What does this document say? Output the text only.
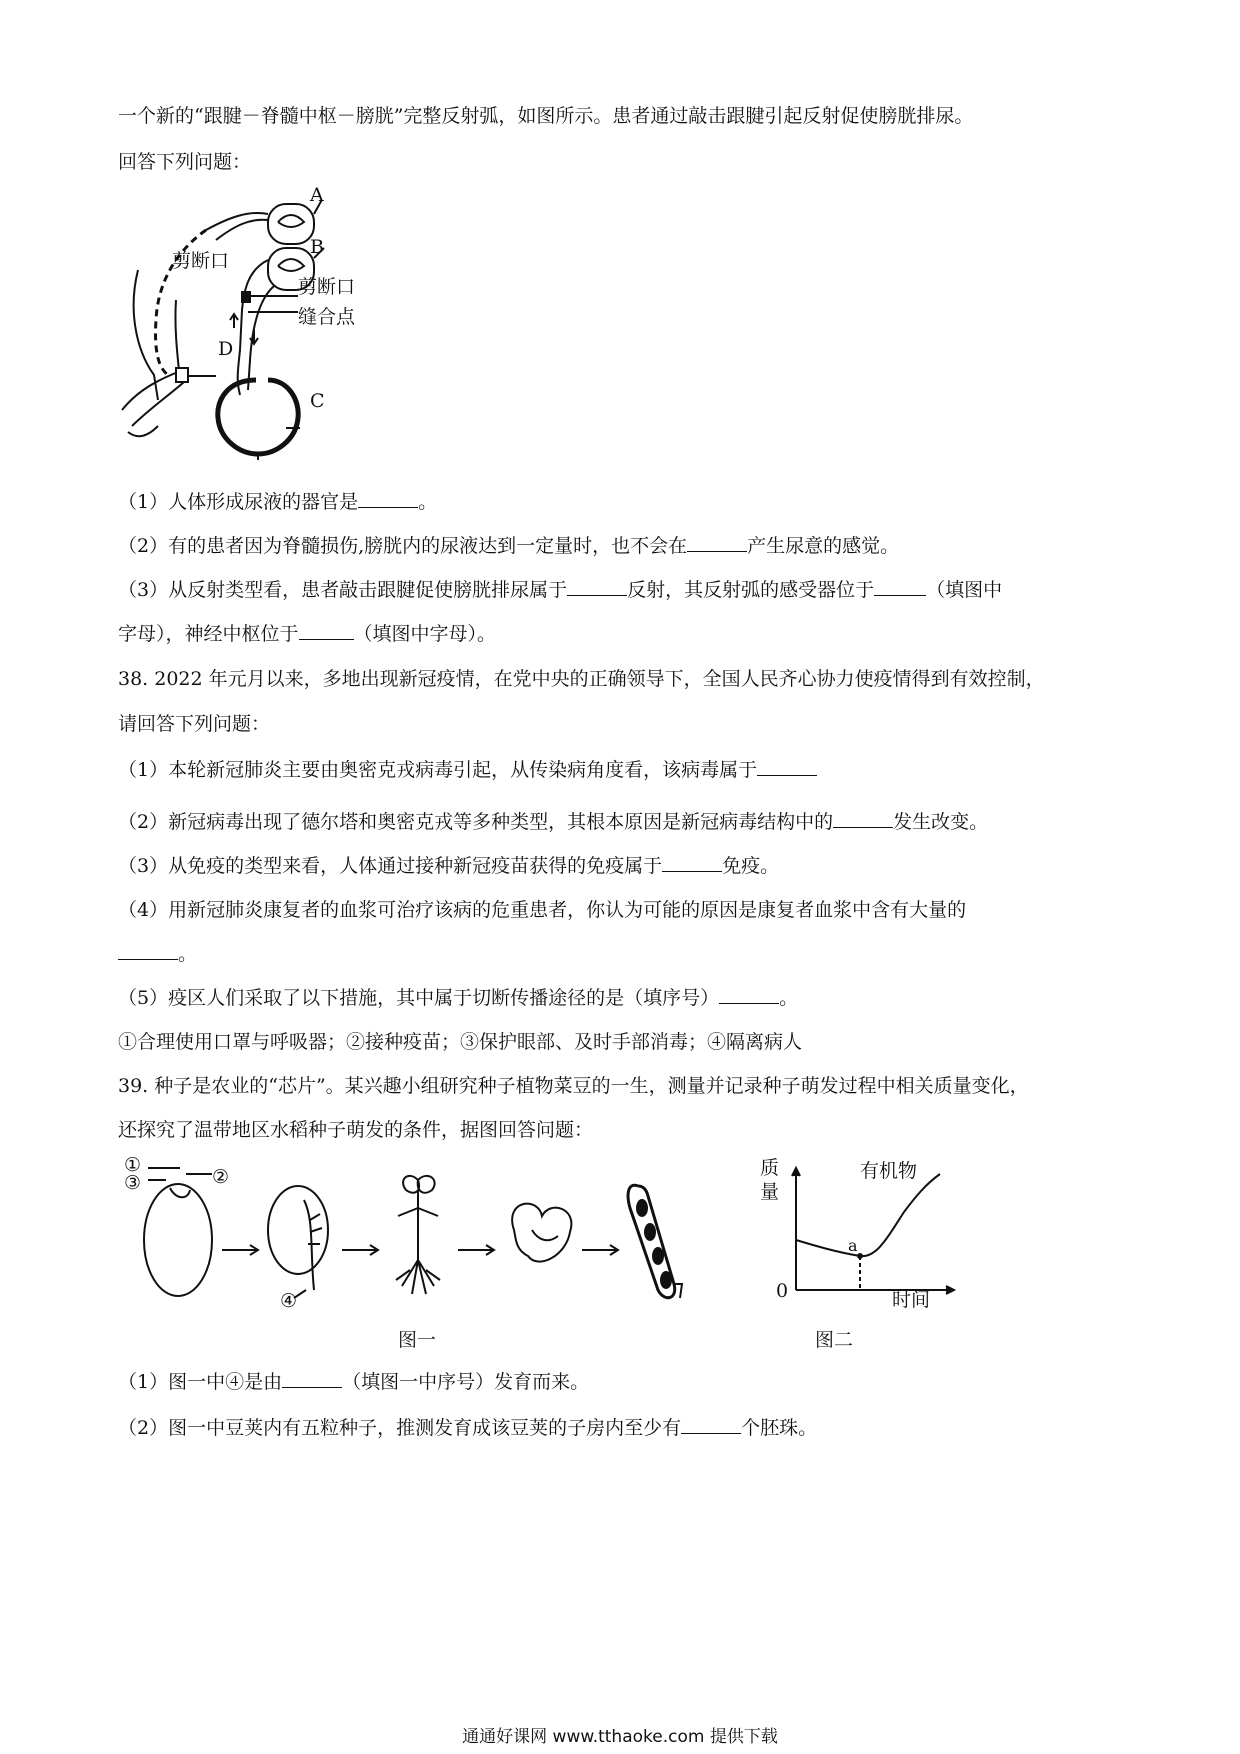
一个新的“跟腱－脊髓中枢－膀胱”完整反射弧，如图所示。患者通过敲击跟腱引起反射促使膀胱排尿。
回答下列问题：
A
B
剪断口
剪断口
缝合点
D
C
（1）人体形成尿液的器官是	。
（2）有的患者因为脊髓损伤,膀胱内的尿液达到一定量时，也不会在	产生尿意的感觉。
（3）从反射类型看，患者敲击跟腱促使膀胱排尿属于	反射，其反射弧的感受器位于	（填图中
字母），神经中枢位于	（填图中字母）。
38. 2022 年元月以来，多地出现新冠疫情，在党中央的正确领导下，全国人民齐心协力使疫情得到有效控制，
请回答下列问题：
（1）本轮新冠肺炎主要由奥密克戎病毒引起，从传染病角度看，该病毒属于
（2）新冠病毒出现了德尔塔和奥密克戎等多种类型，其根本原因是新冠病毒结构中的	发生改变。
（3）从免疫的类型来看，人体通过接种新冠疫苗获得的免疫属于	免疫。
（4）用新冠肺炎康复者的血浆可治疗该病的危重患者，你认为可能的原因是康复者血浆中含有大量的
。
（5）疫区人们采取了以下措施，其中属于切断传播途径的是（填序号）	。
①合理使用口罩与呼吸器；②接种疫苗；③保护眼部、及时手部消毒；④隔离病人
39. 种子是农业的“芯片”。某兴趣小组研究种子植物菜豆的一生，测量并记录种子萌发过程中相关质量变化，
还探究了温带地区水稻种子萌发的条件，据图回答问题：
①
②
③
④
图一
质量
0	时间
有机物
a
图二
（1）图一中④是由	（填图一中序号）发育而来。
（2）图一中豆荚内有五粒种子，推测发育成该豆荚的子房内至少有	个胚珠。
通通好课网 www.tthaoke.com 提供下载
